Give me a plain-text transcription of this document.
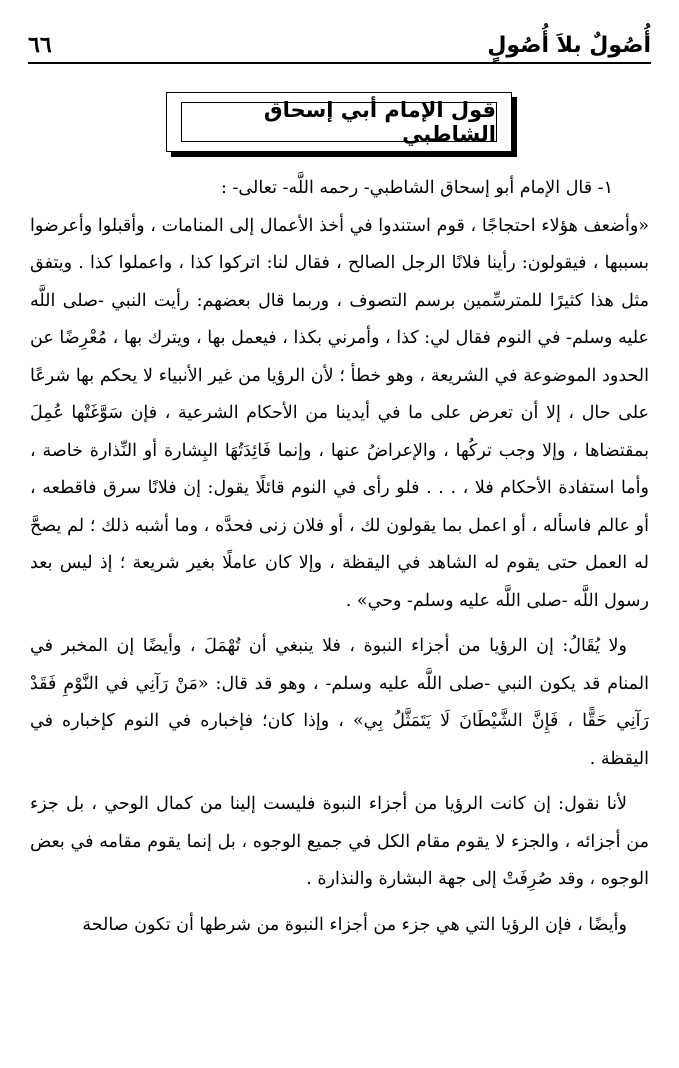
أُصُولٌ بلاَ أُصُولٍ
٦٦
قول الإمام أبي إسحاق الشاطبي

١- قال الإمام أبو إسحاق الشاطبي- رحمه اللَّه- تعالى- :

«وأضعف هؤلاء احتجاجًا ، قوم استندوا في أخذ الأعمال إلى المنامات ، وأقبلوا وأعرضوا بسببها ، فيقولون: رأينا فلانًا الرجل الصالح ، فقال لنا: اتركوا كذا ، واعملوا كذا . ويتفق مثل هذا كثيرًا للمترسِّمين برسم التصوف ، وربما قال بعضهم: رأيت النبي -صلى اللَّه عليه وسلم- في النوم فقال لي: كذا ، وأمرني بكذا ، فيعمل بها ، ويترك بها ، مُعْرِضًا عن الحدود الموضوعة في الشريعة ، وهو خطأ ؛ لأن الرؤيا من غير الأنبياء لا يحكم بها شرعًا على حال ، إلا أن تعرض على ما في أيدينا من الأحكام الشرعية ، فإن سَوَّغَتْها عُمِلَ بمقتضاها ، وإلا وجب تركُها ، والإعراضُ عنها ، وإنما فَائِدَتُهَا البِشارة أو النِّذارة خاصة ، وأما استفادة الأحكام فلا ، . . . فلو رأى في النوم قائلًا يقول: إن فلانًا سرق فاقطعه ، أو عالم فاسأله ، أو اعمل بما يقولون لك ، أو فلان زنى فحدَّه ، وما أشبه ذلك ؛ لم يصحَّ له العمل حتى يقوم له الشاهد في اليقظة ، وإلا كان عاملًا بغير شريعة ؛ إذ ليس بعد رسول اللَّه -صلى اللَّه عليه وسلم- وحي» .

ولا يُقَالُ: إن الرؤيا من أجزاء النبوة ، فلا ينبغي أن تُهْمَلَ ، وأيضًا إن المخبر في المنام قد يكون النبي -صلى اللَّه عليه وسلم- ، وهو قد قال: «مَنْ رَآنِي في النَّوْمِ فَقَدْ رَآنِي حَقًّا ، فَإِنَّ الشَّيْطَانَ لَا يَتَمَثَّلُ بِي» ، وإذا كان؛ فإخباره في النوم كإخباره في اليقظة .

لأنا نقول: إن كانت الرؤيا من أجزاء النبوة فليست إلينا من كمال الوحي ، بل جزء من أجزائه ، والجزء لا يقوم مقام الكل في جميع الوجوه ، بل إنما يقوم مقامه في بعض الوجوه ، وقد صُرِفَتْ إلى جهة البشارة والنذارة .

وأيضًا ، فإن الرؤيا التي هي جزء من أجزاء النبوة من شرطها أن تكون صالحة
